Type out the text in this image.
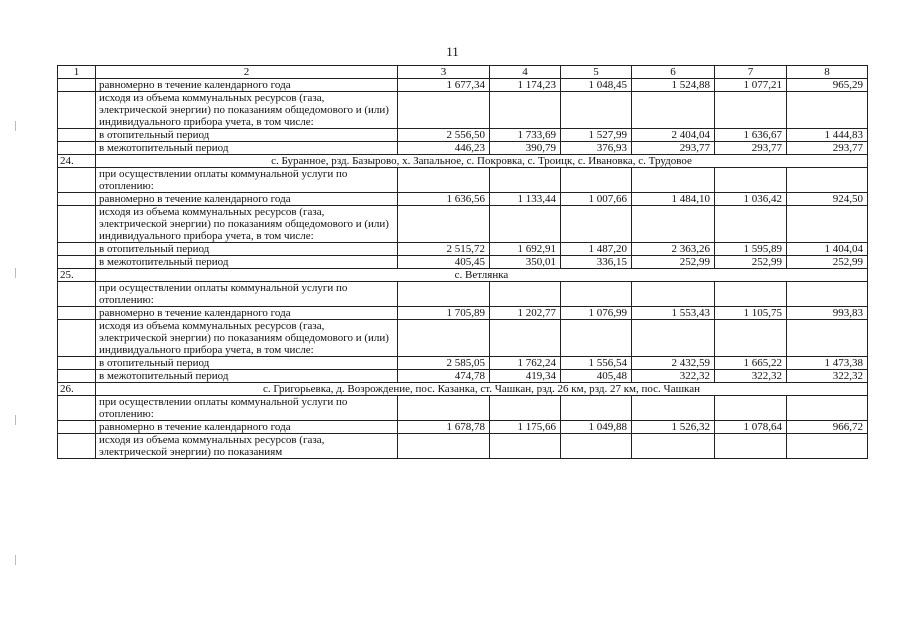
11
1	2	3	4	5	6	7	8
	равномерно в течение календарного года	1 677,34	1 174,23	1 048,45	1 524,88	1 077,21	965,29
	исходя из объема коммунальных ресурсов (газа, электрической энергии) по показаниям общедомового и (или) индивидуального прибора учета, в том числе:						
	в отопительный период	2 556,50	1 733,69	1 527,99	2 404,04	1 636,67	1 444,83
	в межотопительный период	446,23	390,79	376,93	293,77	293,77	293,77
24.	с. Буранное, рзд. Базырово, х. Запальное, с. Покровка, с. Троицк, с. Ивановка, с. Трудовое						
	при осуществлении оплаты коммунальной услуги по отоплению:						
	равномерно в течение календарного года	1 636,56	1 133,44	1 007,66	1 484,10	1 036,42	924,50
	исходя из объема коммунальных ресурсов (газа, электрической энергии) по показаниям общедомового и (или) индивидуального прибора учета, в том числе:						
	в отопительный период	2 515,72	1 692,91	1 487,20	2 363,26	1 595,89	1 404,04
	в межотопительный период	405,45	350,01	336,15	252,99	252,99	252,99
25.	с. Ветлянка						
	при осуществлении оплаты коммунальной услуги по отоплению:						
	равномерно в течение календарного года	1 705,89	1 202,77	1 076,99	1 553,43	1 105,75	993,83
	исходя из объема коммунальных ресурсов (газа, электрической энергии) по показаниям общедомового и (или) индивидуального прибора учета, в том числе:						
	в отопительный период	2 585,05	1 762,24	1 556,54	2 432,59	1 665,22	1 473,38
	в межотопительный период	474,78	419,34	405,48	322,32	322,32	322,32
26.	с. Григорьевка, д. Возрождение, пос. Казанка, ст. Чашкан, рзд. 26 км, рзд. 27 км, пос. Чашкан						
	при осуществлении оплаты коммунальной услуги по отоплению:						
	равномерно в течение календарного года	1 678,78	1 175,66	1 049,88	1 526,32	1 078,64	966,72
	исходя из объема коммунальных ресурсов (газа, электрической энергии) по показаниям						
